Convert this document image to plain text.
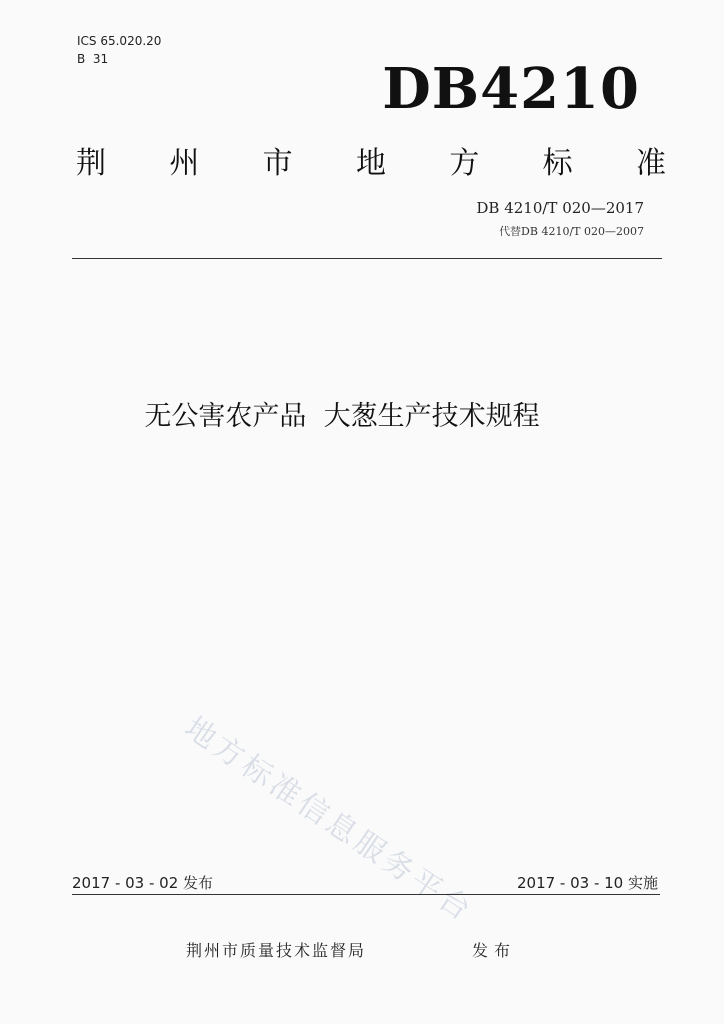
ICS 65.020.20
B  31	DB4210
荆 州 市 地 方 标 准
DB 4210/T 020—2017
代替DB 4210/T 020—2007
无公害农产品  大葱生产技术规程
地方标准信息服务平台
2017 - 03 - 02 发布	2017 - 03 - 10 实施
荆州市质量技术监督局	发布
